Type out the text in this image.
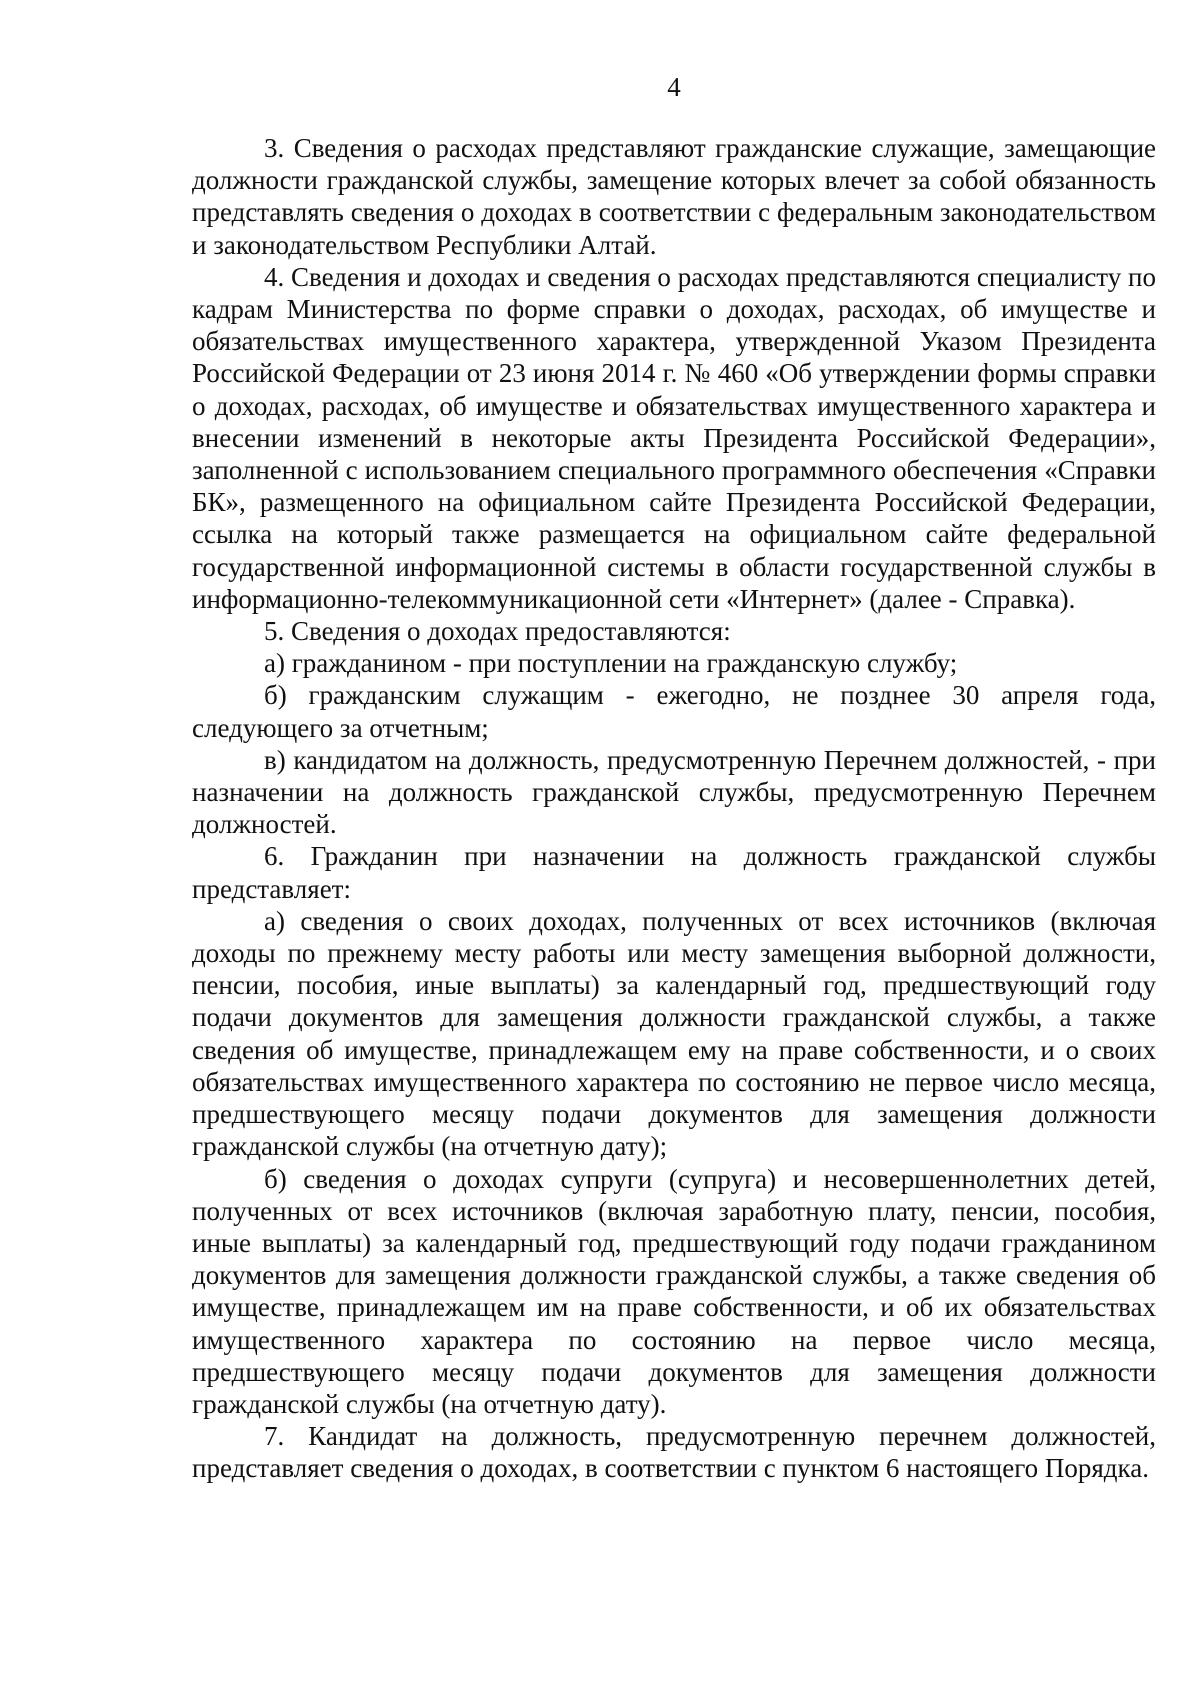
4

3. Сведения о расходах представляют гражданские служащие, замещающие должности гражданской службы, замещение которых влечет за собой обязанность представлять сведения о доходах в соответствии с федеральным законодательством и законодательством Республики Алтай.

4. Сведения и доходах и сведения о расходах представляются специалисту по кадрам Министерства по форме справки о доходах, расходах, об имуществе и обязательствах имущественного характера, утвержденной Указом Президента Российской Федерации от 23 июня 2014 г. № 460 «Об утверждении формы справки о доходах, расходах, об имуществе и обязательствах имущественного характера и внесении изменений в некоторые акты Президента Российской Федерации», заполненной с использованием специального программного обеспечения «Справки БК», размещенного на официальном сайте Президента Российской Федерации, ссылка на который также размещается на официальном сайте федеральной государственной информационной системы в области государственной службы в информационно-телекоммуникационной сети «Интернет» (далее - Справка).

5. Сведения о доходах предоставляются:

а) гражданином - при поступлении на гражданскую службу;

б) гражданским служащим - ежегодно, не позднее 30 апреля года, следующего за отчетным;

в) кандидатом на должность, предусмотренную Перечнем должностей, - при назначении на должность гражданской службы, предусмотренную Перечнем должностей.

6. Гражданин при назначении на должность гражданской службы представляет:

а) сведения о своих доходах, полученных от всех источников (включая доходы по прежнему месту работы или месту замещения выборной должности, пенсии, пособия, иные выплаты) за календарный год, предшествующий году подачи документов для замещения должности гражданской службы, а также сведения об имуществе, принадлежащем ему на праве собственности, и о своих обязательствах имущественного характера по состоянию не первое число месяца, предшествующего месяцу подачи документов для замещения должности гражданской службы (на отчетную дату);

б) сведения о доходах супруги (супруга) и несовершеннолетних детей, полученных от всех источников (включая заработную плату, пенсии, пособия, иные выплаты) за календарный год, предшествующий году подачи гражданином документов для замещения должности гражданской службы, а также сведения об имуществе, принадлежащем им на праве собственности, и об их обязательствах имущественного характера по состоянию на первое число месяца, предшествующего месяцу подачи документов для замещения должности гражданской службы (на отчетную дату).

7. Кандидат на должность, предусмотренную перечнем должностей, представляет сведения о доходах, в соответствии с пунктом 6 настоящего Порядка.
